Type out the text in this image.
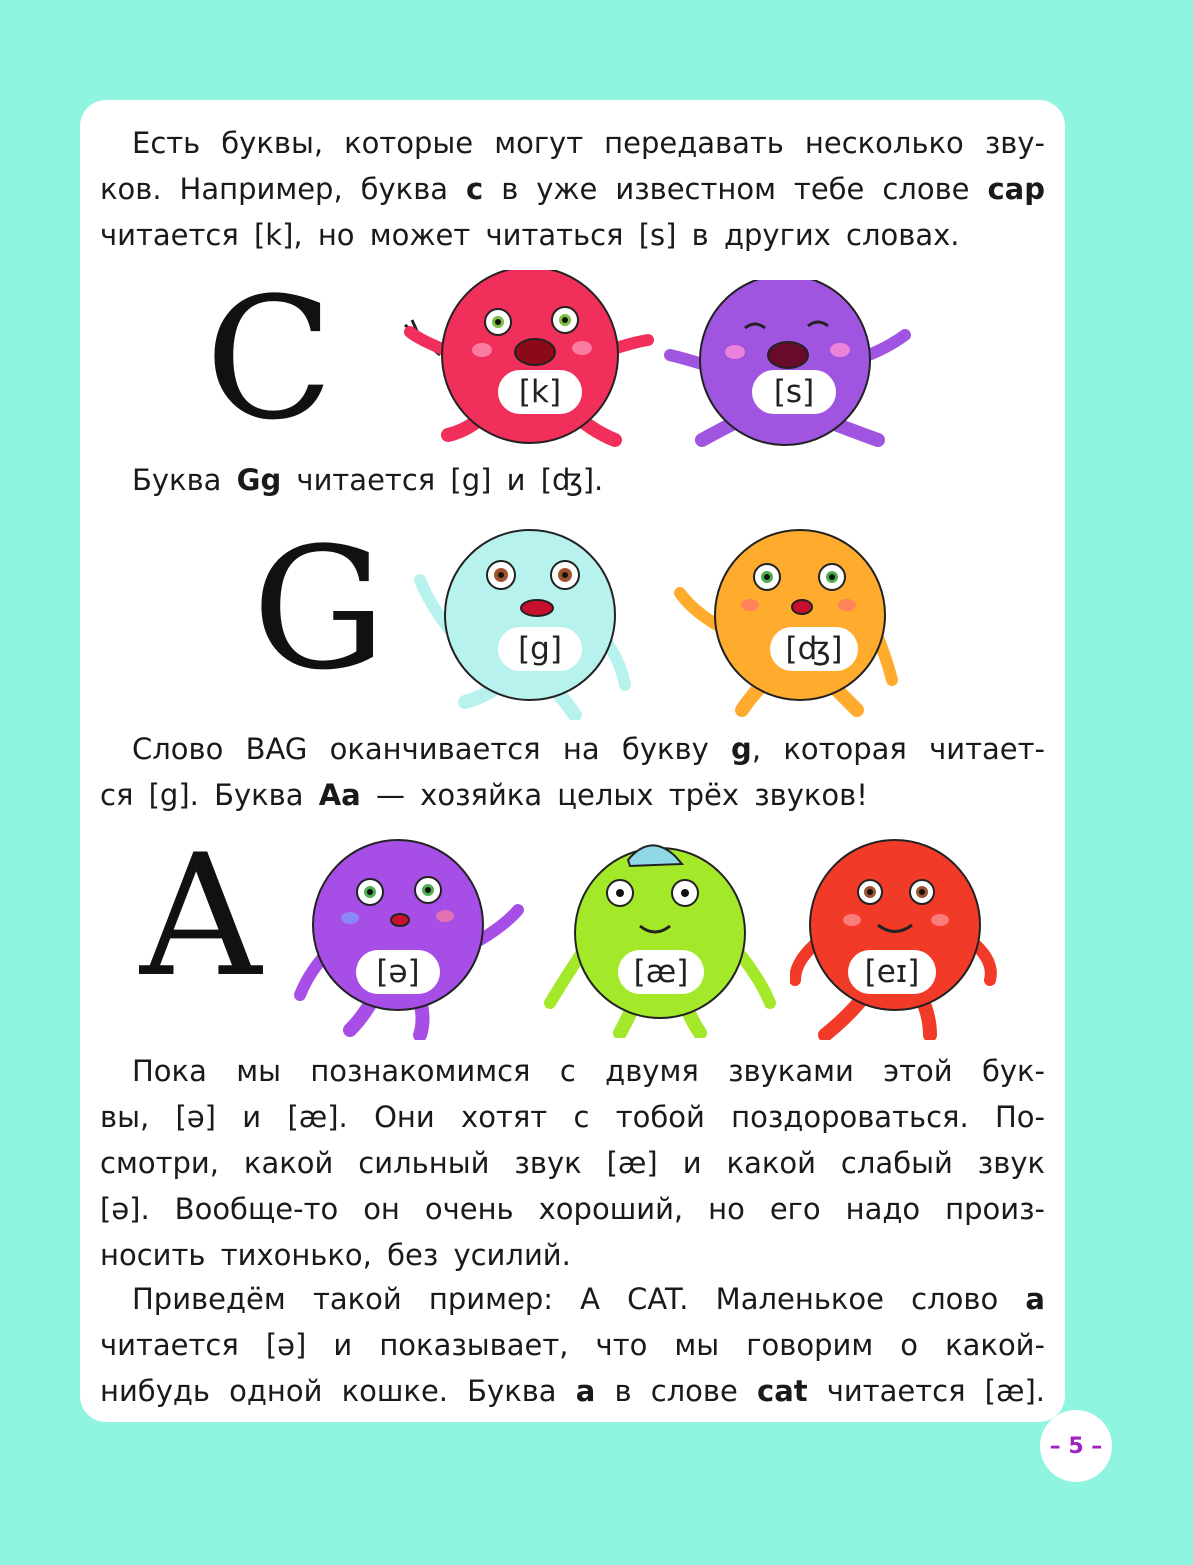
Есть буквы, которые могут передавать несколько зву-
ков. Например, буква c в уже известном тебе слове cap
читается [k], но может читаться [s] в других словах.
C	[k]	[s]
Буква Gg читается [g] и [ʤ].
G	[g]	[ʤ]
Слово BAG оканчивается на букву g, которая читает-
ся [g]. Буква Aa — хозяйка целых трёх звуков!
A	[ə]	[æ]	[eɪ]
Пока мы познакомимся с двумя звуками этой бук-
вы, [ə] и [æ]. Они хотят с тобой поздороваться. По-
смотри, какой сильный звук [æ] и какой слабый звук
[ə]. Вообще-то он очень хороший, но его надо произ-
носить тихонько, без усилий.
Приведём такой пример: A CAT. Маленькое слово a
читается [ə] и показывает, что мы говорим о какой-
нибудь одной кошке. Буква a в слове cat читается [æ].
– 5 –
